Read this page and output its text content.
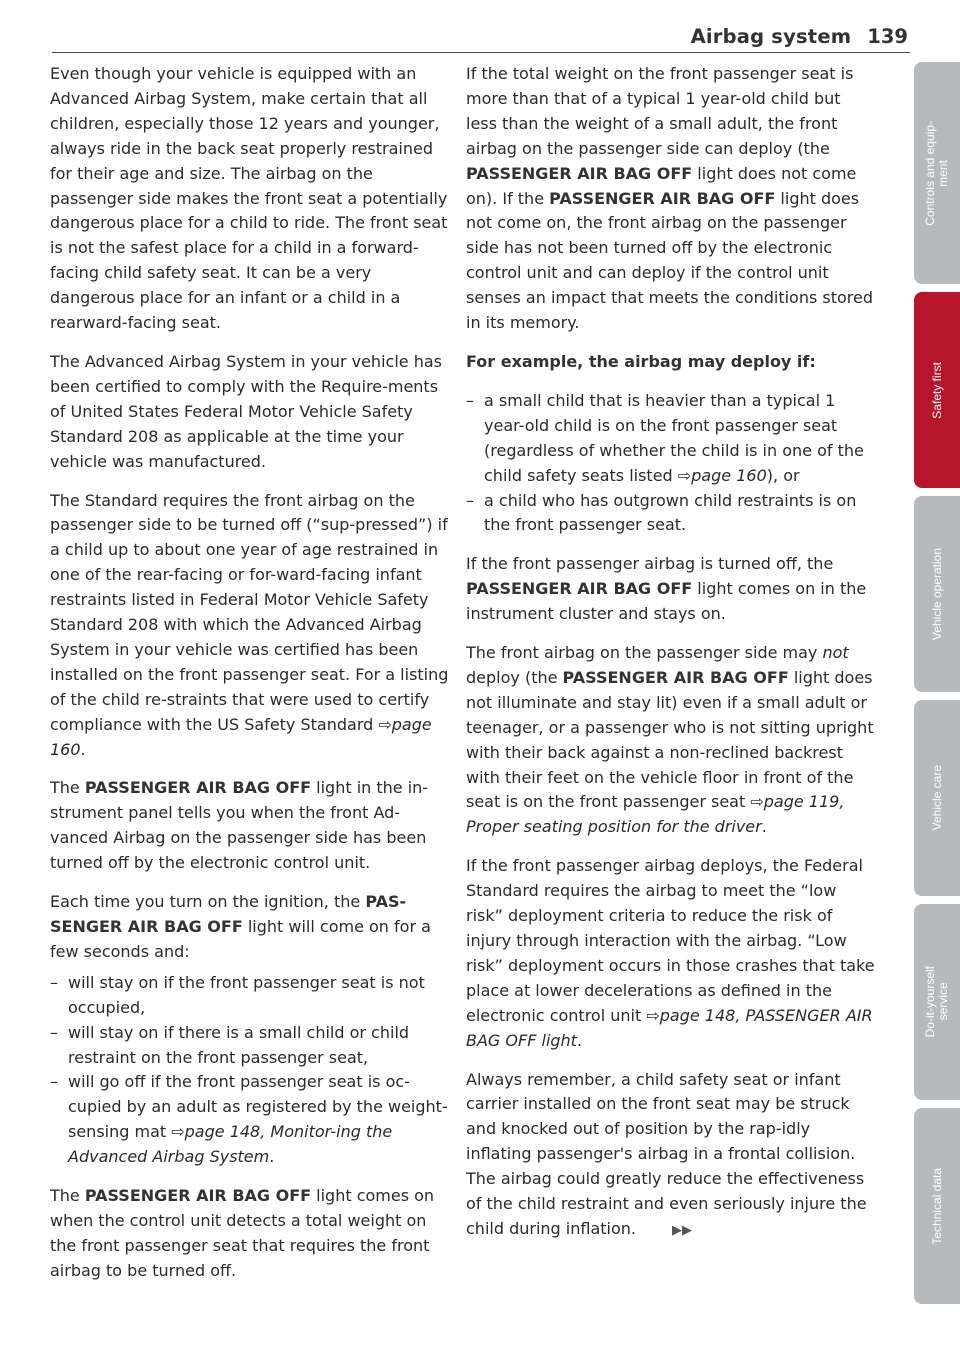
Airbag system 139

Even though your vehicle is equipped with an Advanced Airbag System, make certain that all children, especially those 12 years and younger, always ride in the back seat properly restrained for their age and size. The airbag on the passenger side makes the front seat a potentially dangerous place for a child to ride. The front seat is not the safest place for a child in a forward-facing child safety seat. It can be a very dangerous place for an infant or a child in a rearward-facing seat.

The Advanced Airbag System in your vehicle has been certified to comply with the Require-ments of United States Federal Motor Vehicle Safety Standard 208 as applicable at the time your vehicle was manufactured.

The Standard requires the front airbag on the passenger side to be turned off (“sup-pressed”) if a child up to about one year of age restrained in one of the rear-facing or for-ward-facing infant restraints listed in Federal Motor Vehicle Safety Standard 208 with which the Advanced Airbag System in your vehicle was certified has been installed on the front passenger seat. For a listing of the child re-straints that were used to certify compliance with the US Safety Standard ⇨page 160.

The PASSENGER AIR BAG OFF light in the in-strument panel tells you when the front Ad-vanced Airbag on the passenger side has been turned off by the electronic control unit.

Each time you turn on the ignition, the PAS-SENGER AIR BAG OFF light will come on for a few seconds and:

– will stay on if the front passenger seat is not occupied,
– will stay on if there is a small child or child restraint on the front passenger seat,
– will go off if the front passenger seat is oc-cupied by an adult as registered by the weight-sensing mat ⇨page 148, Monitor-ing the Advanced Airbag System.

The PASSENGER AIR BAG OFF light comes on when the control unit detects a total weight on the front passenger seat that requires the front airbag to be turned off.

If the total weight on the front passenger seat is more than that of a typical 1 year-old child but less than the weight of a small adult, the front airbag on the passenger side can deploy (the PASSENGER AIR BAG OFF light does not come on). If the PASSENGER AIR BAG OFF light does not come on, the front airbag on the passenger side has not been turned off by the electronic control unit and can deploy if the control unit senses an impact that meets the conditions stored in its memory.

For example, the airbag may deploy if:

– a small child that is heavier than a typical 1 year-old child is on the front passenger seat (regardless of whether the child is in one of the child safety seats listed ⇨page 160), or
– a child who has outgrown child restraints is on the front passenger seat.

If the front passenger airbag is turned off, the PASSENGER AIR BAG OFF light comes on in the instrument cluster and stays on.

The front airbag on the passenger side may not deploy (the PASSENGER AIR BAG OFF light does not illuminate and stay lit) even if a small adult or teenager, or a passenger who is not sitting upright with their back against a non-reclined backrest with their feet on the vehicle floor in front of the seat is on the front passenger seat ⇨page 119, Proper seating position for the driver.

If the front passenger airbag deploys, the Federal Standard requires the airbag to meet the “low risk” deployment criteria to reduce the risk of injury through interaction with the airbag. “Low risk” deployment occurs in those crashes that take place at lower decelerations as defined in the electronic control unit ⇨page 148, PASSENGER AIR BAG OFF light.

Always remember, a child safety seat or infant carrier installed on the front seat may be struck and knocked out of position by the rap-idly inflating passenger's airbag in a frontal collision. The airbag could greatly reduce the effectiveness of the child restraint and even seriously injure the child during inflation.	▶▶

Controls and equip-
ment
Safety first
Vehicle operation
Vehicle care
Do-it-yourself
service
Technical data
